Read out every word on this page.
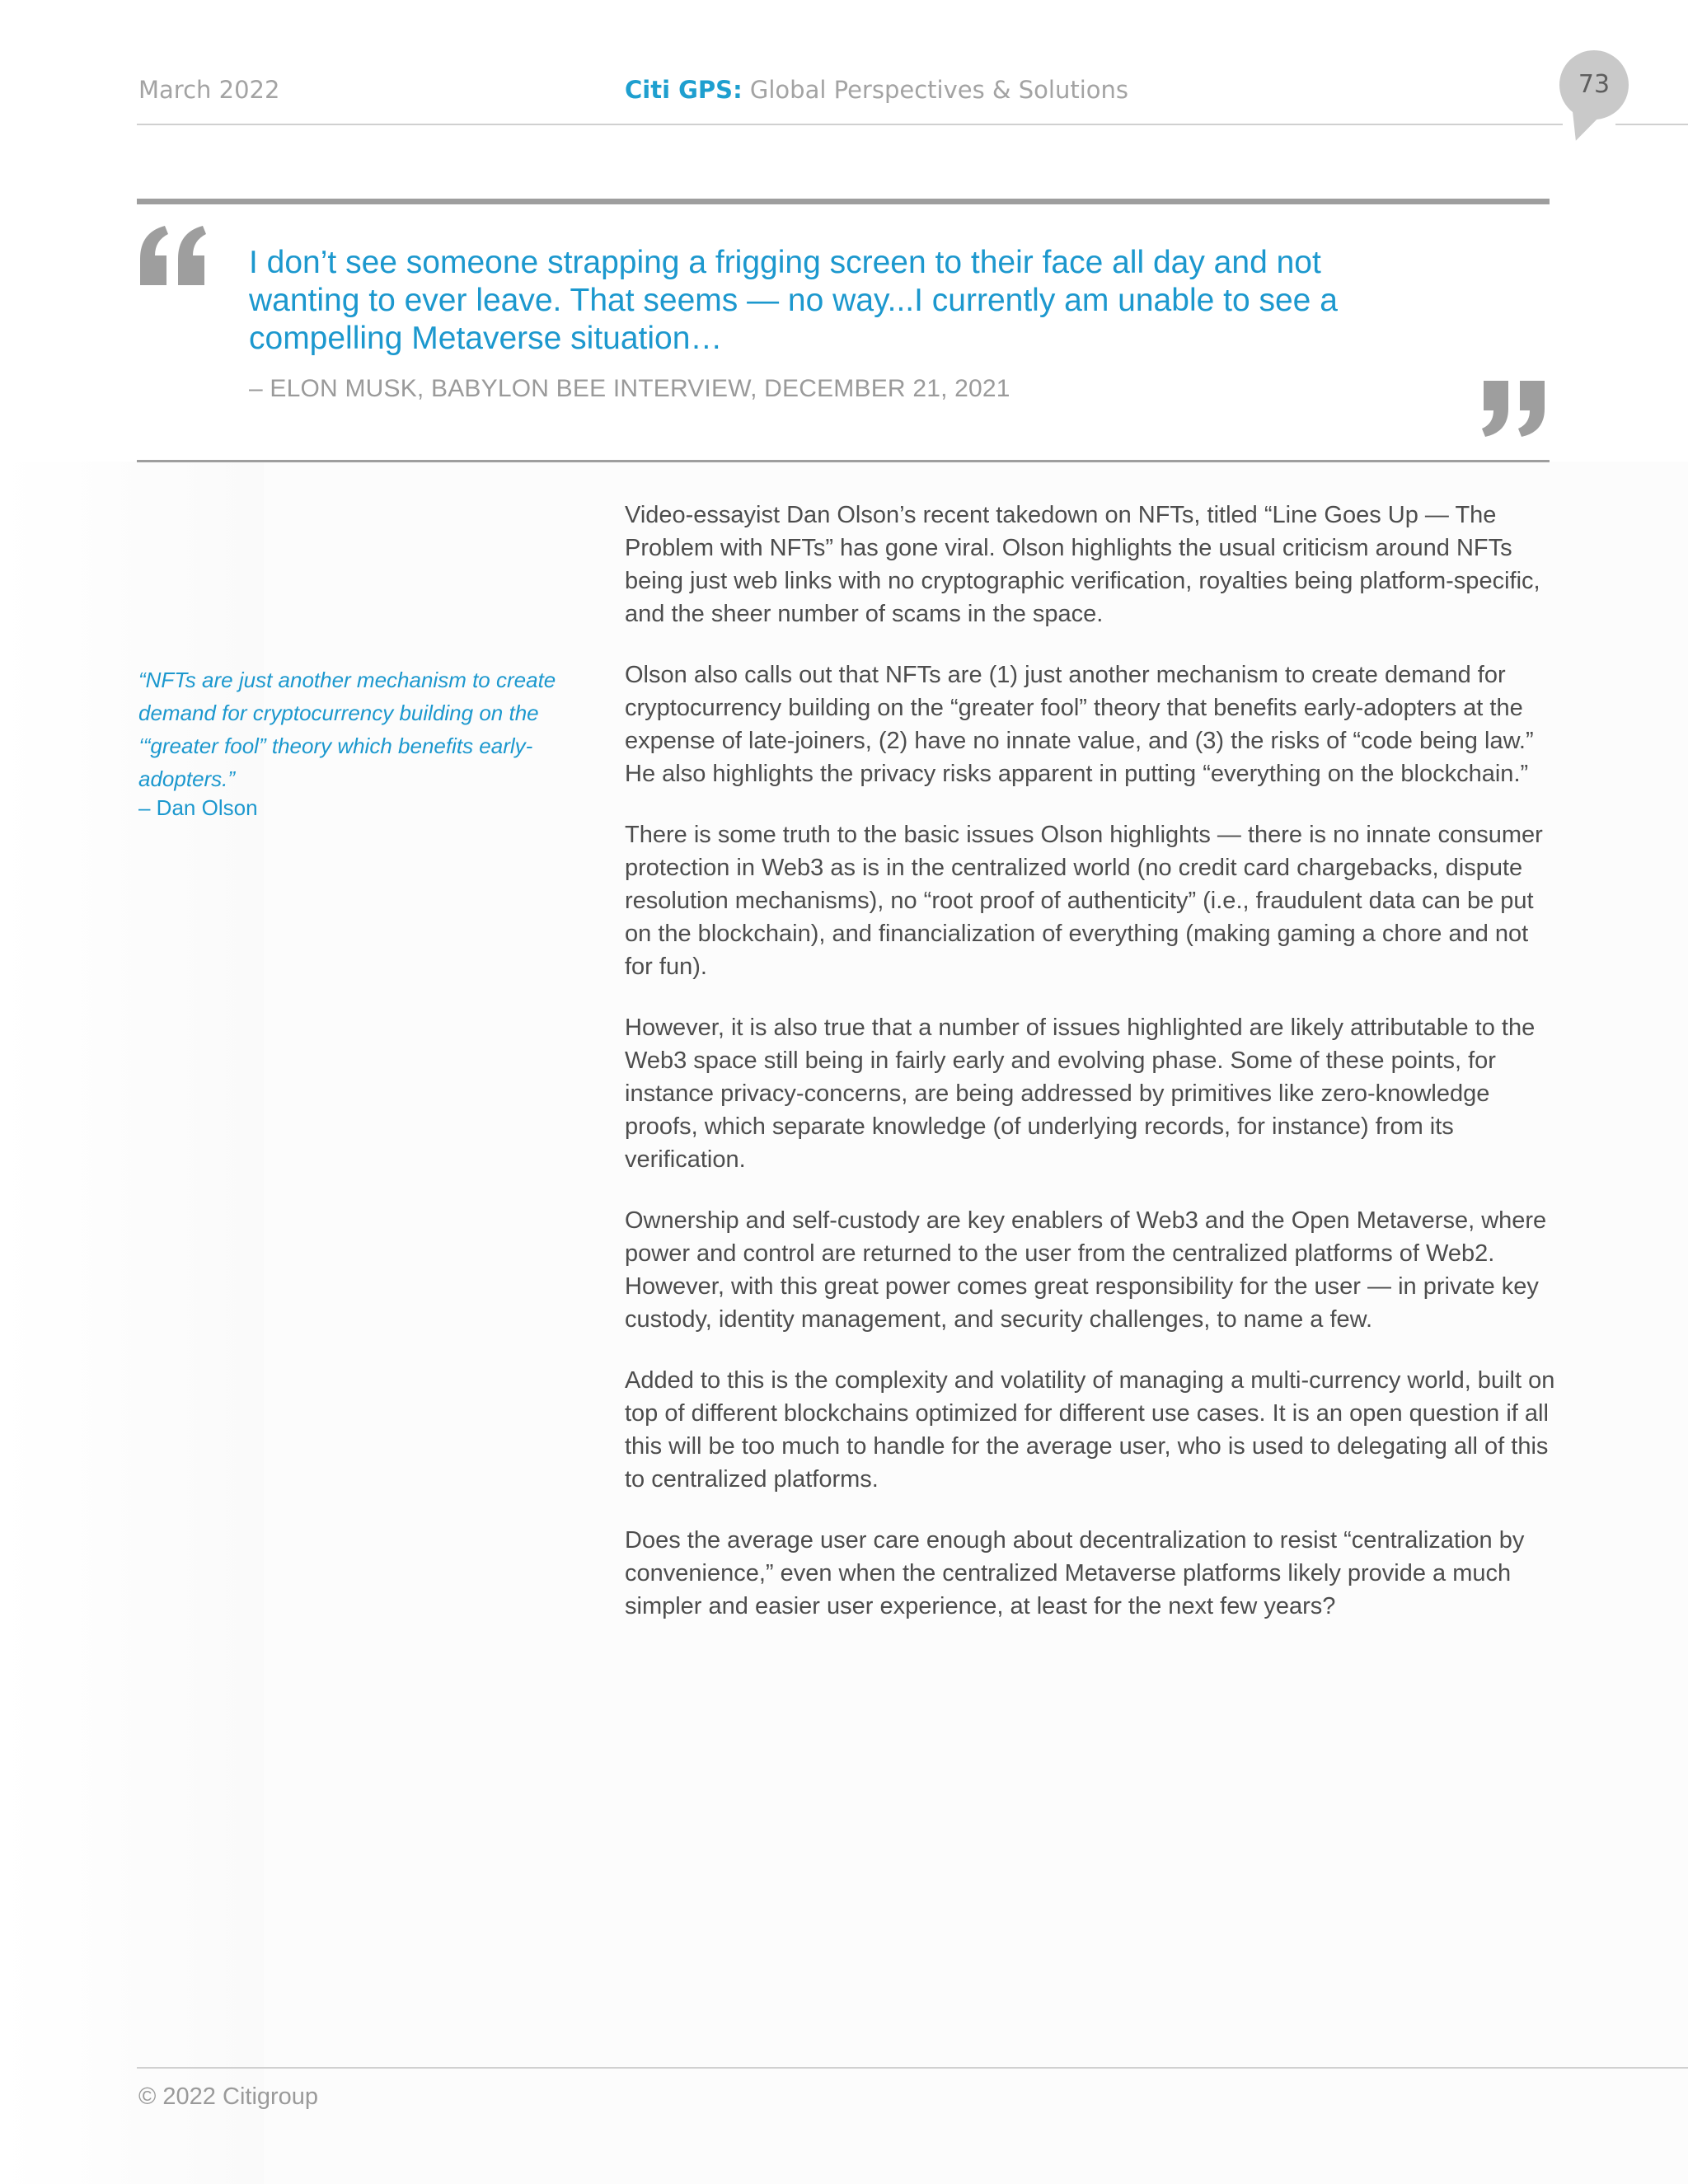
March 2022	Citi GPS: Global Perspectives & Solutions	73
I don’t see someone strapping a frigging screen to their face all day and not wanting to ever leave. That seems — no way...I currently am unable to see a compelling Metaverse situation…
– ELON MUSK, BABYLON BEE INTERVIEW, DECEMBER 21, 2021
“NFTs are just another mechanism to create demand for cryptocurrency building on the ‘“greater fool” theory which benefits early-adopters.”
– Dan Olson

Video-essayist Dan Olson’s recent takedown on NFTs, titled “Line Goes Up — The Problem with NFTs” has gone viral. Olson highlights the usual criticism around NFTs being just web links with no cryptographic verification, royalties being platform-specific, and the sheer number of scams in the space.

Olson also calls out that NFTs are (1) just another mechanism to create demand for cryptocurrency building on the “greater fool” theory that benefits early-adopters at the expense of late-joiners, (2) have no innate value, and (3) the risks of “code being law.” He also highlights the privacy risks apparent in putting “everything on the blockchain.”

There is some truth to the basic issues Olson highlights — there is no innate consumer protection in Web3 as is in the centralized world (no credit card chargebacks, dispute resolution mechanisms), no “root proof of authenticity” (i.e., fraudulent data can be put on the blockchain), and financialization of everything (making gaming a chore and not for fun).

However, it is also true that a number of issues highlighted are likely attributable to the Web3 space still being in fairly early and evolving phase. Some of these points, for instance privacy-concerns, are being addressed by primitives like zero-knowledge proofs, which separate knowledge (of underlying records, for instance) from its verification.

Ownership and self-custody are key enablers of Web3 and the Open Metaverse, where power and control are returned to the user from the centralized platforms of Web2. However, with this great power comes great responsibility for the user — in private key custody, identity management, and security challenges, to name a few.

Added to this is the complexity and volatility of managing a multi-currency world, built on top of different blockchains optimized for different use cases. It is an open question if all this will be too much to handle for the average user, who is used to delegating all of this to centralized platforms.

Does the average user care enough about decentralization to resist “centralization by convenience,” even when the centralized Metaverse platforms likely provide a much simpler and easier user experience, at least for the next few years?

© 2022 Citigroup
